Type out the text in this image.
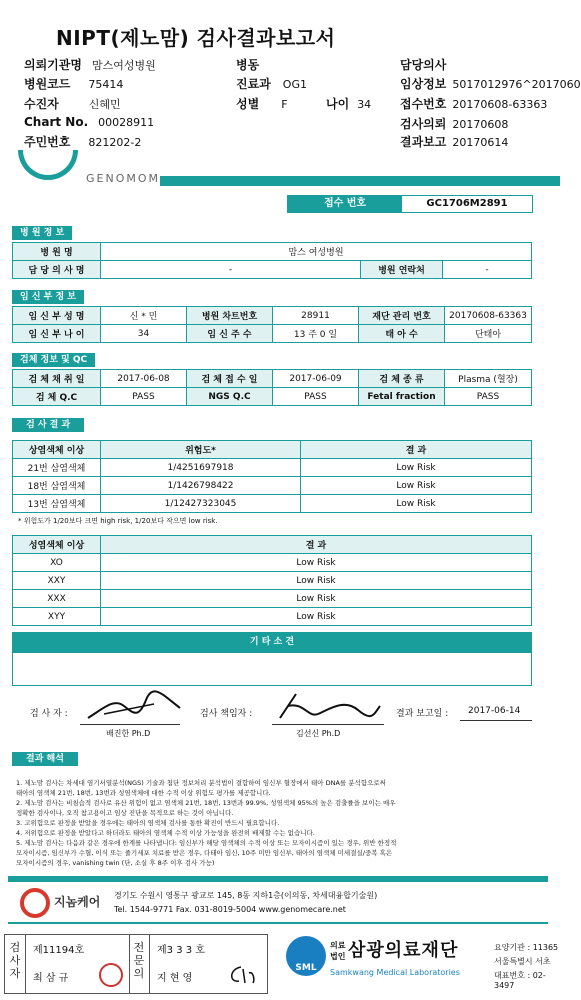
NIPT(제노맘) 검사결과보고서
의뢰기관명 맘스여성병원
병원코드 75414
수진자	신혜민
Chart No. 00028911
주민번호 821202-2
병동
진료과 OG1
성별 F	나이 34
담당의사
임상정보 5017012976^2017060
접수번호 20170608-63363
검사의뢰 20170608
결과보고 20170614
GENOMOM
접수 번호	GC1706M2891
병 원 정 보
병 원 명	맘스 여성병원		
담 당 의 사 명	-	병원 연락처	-
임 신 부 정 보
임 신 부 성 명	신 * 민	병원 차트번호	28911	재단 관리 번호	20170608-63363
임 신 부 나 이	34	임 신 주 수	13 주 0 일	태 아 수	단태아
검체 정보 및 QC
검 체 채 취 일	2017-06-08	검 체 접 수 일	2017-06-09	검 체 종 류	Plasma (혈장)
검 체 Q.C	PASS	NGS Q.C	PASS	Fetal fraction	PASS
검 사 결 과
상염색체 이상	위험도*	결 과
21번 삼염색체	1/4251697918	Low Risk
18번 삼염색체	1/1426798422	Low Risk
13번 삼염색체	1/12427323045	Low Risk
* 위험도가 1/20보다 크면 high risk, 1/20보다 작으면 low risk.
성염색체 이상	결 과
XO	Low Risk
XXY	Low Risk
XXX	Low Risk
XYY	Low Risk
기 타 소 견
검 사 자 :
배진한 Ph.D
검사 책임자 :
김선신 Ph.D
결과 보고일 : 2017-06-14
결과 해석
1. 제노맘 검사는 차세대 염기서열분석(NGS) 기술과 첨단 정보처리 분석법이 결합하여 임신부 혈장에서 태아 DNA를 분석함으로써
태아의 염색체 21번, 18번, 13번과 성염색체에 대한 수적 이상 위험도 평가를 제공합니다.
2. 제노맘 검사는 비침습적 검사로 유산 위험이 없고 염색체 21번, 18번, 13번과 99.9%, 성염색체 95%의 높은 검출률을 보이는 매우
정확한 검사이나, 오직 참고용이고 임상 진단을 목적으로 하는 것이 아닙니다.
3. 고위험으로 판정을 받았을 경우에는 태아의 염색체 검사를 통한 확진이 반드시 필요합니다.
4. 저위험으로 판정을 받았다고 하더라도 태아의 염색체 수적 이상 가능성을 완전히 배제할 수는 없습니다.
5. 제노맘 검사는 다음과 같은 경우에 한계를 나타냅니다: 임신부가 해당 염색체의 수적 이상 또는 모자이시즘이 있는 경우, 위반 한정적
모자이시즘, 임신부가 수혈, 이식 또는 줄기세포 치료를 받은 경우, 다태아 임신, 10주 미만 임신부, 태아의 염색체 미세결실/중복 혹은
모자이시즘의 경우, vanishing twin (단, 소실 후 8주 이후 검사 가능)
지놈케어 경기도 수원시 영통구 광교로 145, 8동 지하1층(이의동, 차세대융합기술원)
Tel. 1544-9771 Fax. 031-8019-5004 www.genomecare.net
검사자
제11194호
최 삼 규
전문의
제3 3 3 호
지 현 영
SML
의료
법인 삼광의료재단
Samkwang Medical Laboratories
요양기관 : 11365
서울특별시 서초
대표번호 : 02-3497
